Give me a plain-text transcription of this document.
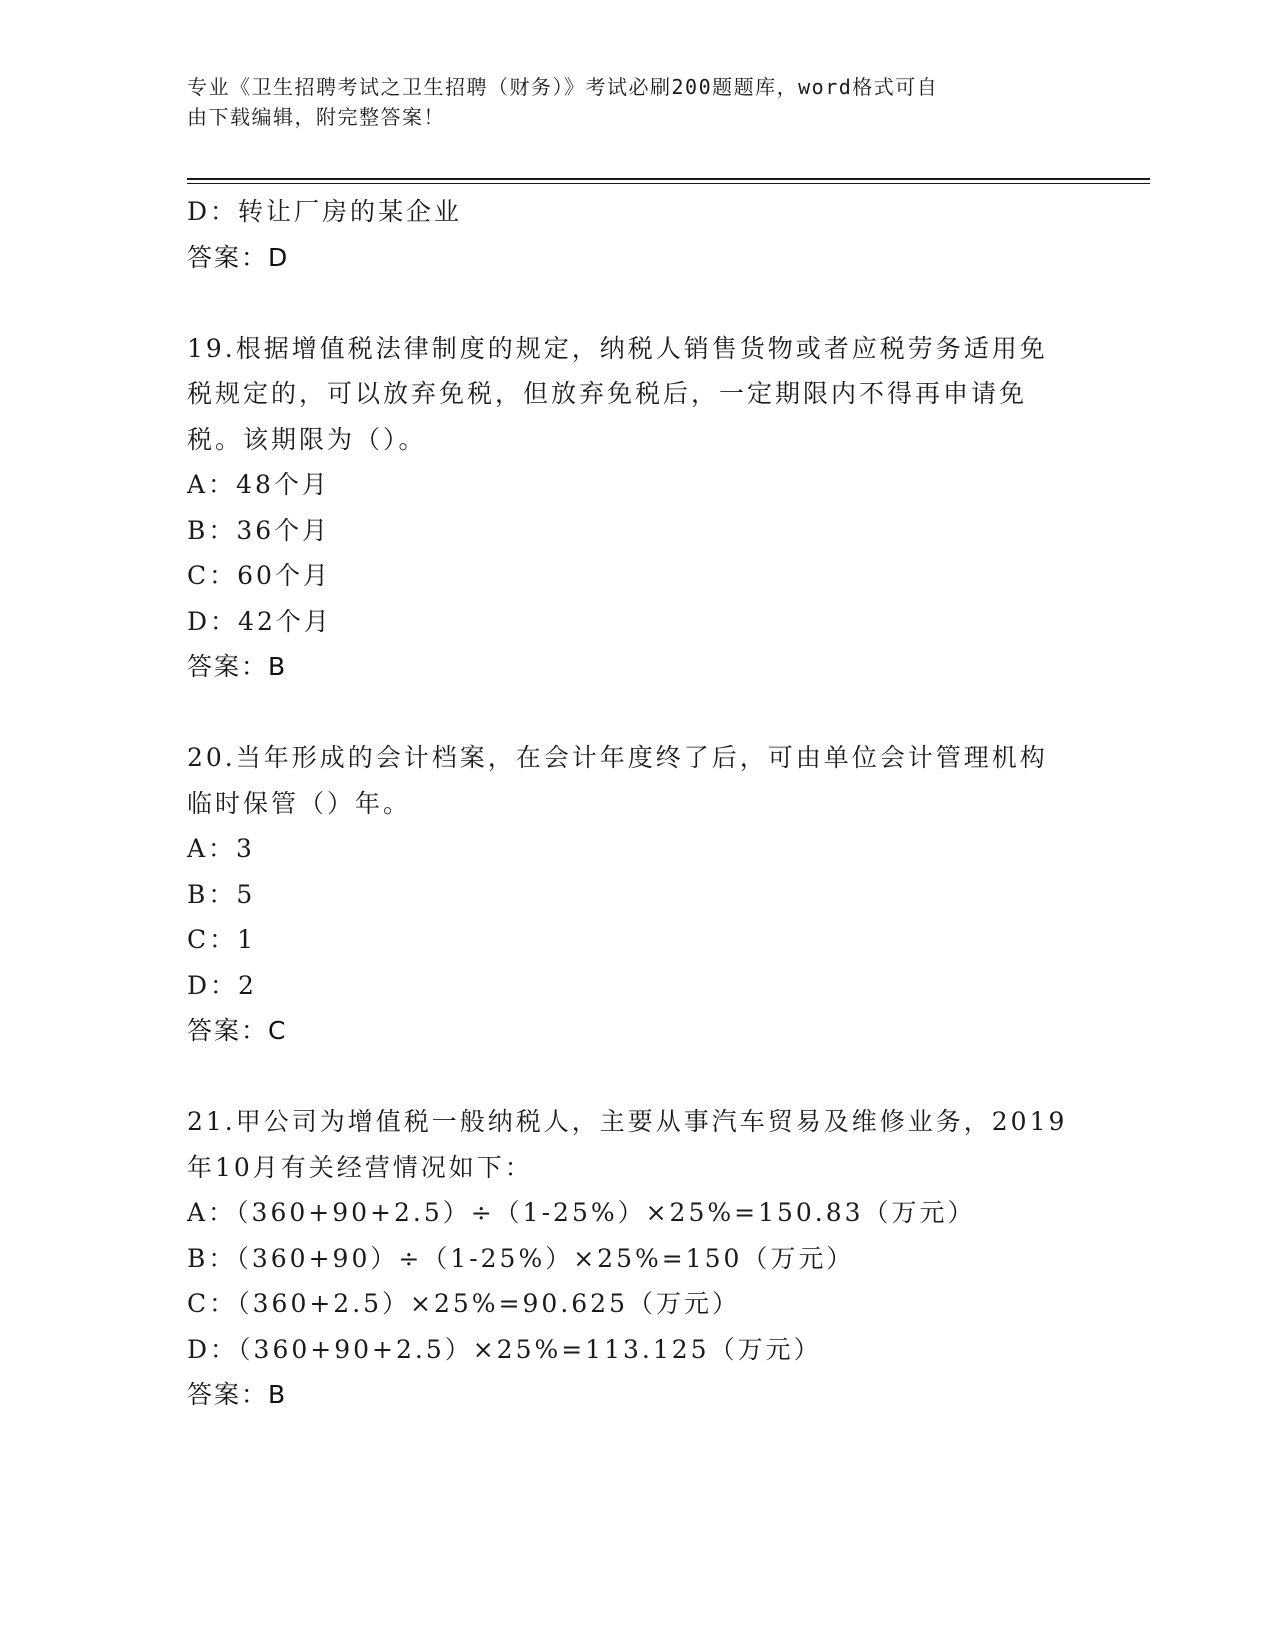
专业《卫生招聘考试之卫生招聘（财务）》考试必刷200题题库，word格式可自
由下载编辑，附完整答案！
D：转让厂房的某企业
答案：D
19.根据增值税法律制度的规定，纳税人销售货物或者应税劳务适用免
税规定的，可以放弃免税，但放弃免税后，一定期限内不得再申请免
税。该期限为（）。
A：48个月
B：36个月
C：60个月
D：42个月
答案：B
20.当年形成的会计档案，在会计年度终了后，可由单位会计管理机构
临时保管（）年。
A：3
B：5
C：1
D：2
答案：C
21.甲公司为增值税一般纳税人，主要从事汽车贸易及维修业务，2019
年10月有关经营情况如下：
A：（360+90+2.5）÷（1-25%）×25%=150.83（万元）
B：（360+90）÷（1-25%）×25%=150（万元）
C：（360+2.5）×25%=90.625（万元）
D：（360+90+2.5）×25%=113.125（万元）
答案：B
